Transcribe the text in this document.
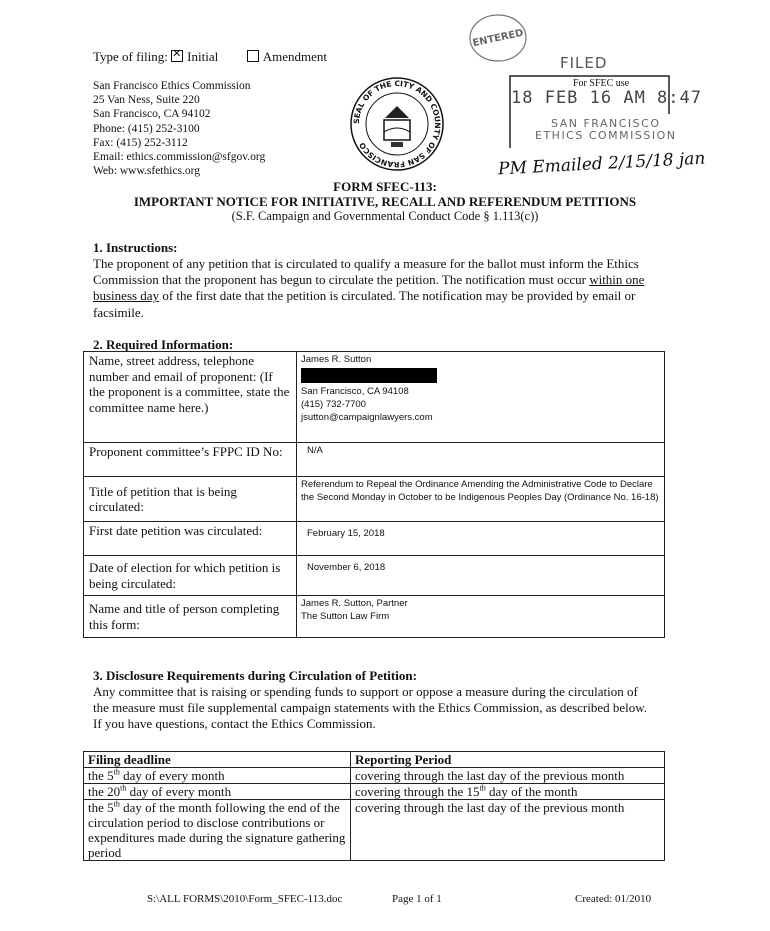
Type of filing: ✕ Initial	Amendment
San Francisco Ethics Commission
25 Van Ness, Suite 220
San Francisco, CA 94102
Phone: (415) 252-3100
Fax: (415) 252-3112
Email: ethics.commission@sfgov.org
Web: www.sfethics.org
SEAL OF THE CITY AND COUNTY OF SAN FRANCISCO
ENTERED
FILED
For SFEC use
18 FEB 16 AM 8:47
SAN FRANCISCO
ETHICS COMMISSION
PM Emailed 2/15/18 jan
FORM SFEC-113:
IMPORTANT NOTICE FOR INITIATIVE, RECALL AND REFERENDUM PETITIONS
(S.F. Campaign and Governmental Conduct Code § 1.113(c))
1. Instructions:
The proponent of any petition that is circulated to qualify a measure for the ballot must inform the Ethics Commission that the proponent has begun to circulate the petition. The notification must occur within one business day of the first date that the petition is circulated. The notification may be provided by email or facsimile.
2. Required Information:
Name, street address, telephone number and email of proponent: (If the proponent is a committee, state the committee name here.)	James R. Sutton
San Francisco, CA 94108
(415) 732-7700
jsutton@campaignlawyers.com

Proponent committee’s FPPC ID No:	N/A
Title of petition that is being circulated:	Referendum to Repeal the Ordinance Amending the Administrative Code to Declare the Second Monday in October to be Indigenous Peoples Day (Ordinance No. 16-18)
First date petition was circulated:	February 15, 2018
Date of election for which petition is being circulated:	November 6, 2018
Name and title of person completing this form:	James R. Sutton, Partner
The Sutton Law Firm
3. Disclosure Requirements during Circulation of Petition:
Any committee that is raising or spending funds to support or oppose a measure during the circulation of the measure must file supplemental campaign statements with the Ethics Commission, as described below. If you have questions, contact the Ethics Commission.
Filing deadline	Reporting Period
the 5th day of every month	covering through the last day of the previous month
the 20th day of every month	covering through the 15th day of the month
the 5th day of the month following the end of the circulation period to disclose contributions or expenditures made during the signature gathering period	covering through the last day of the previous month
S:\ALL FORMS\2010\Form_SFEC-113.doc	Page 1 of 1	Created: 01/2010
